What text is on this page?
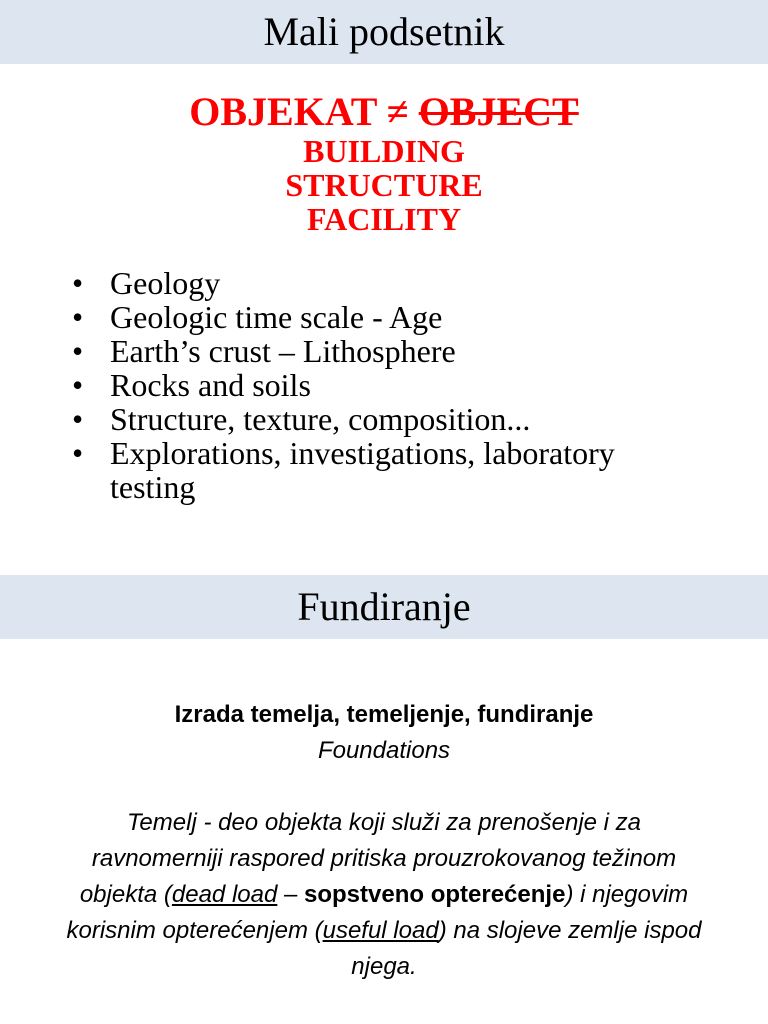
Mali podsetnik
OBJEKAT ≠ OBJECT
BUILDING
STRUCTURE
FACILITY
• Geology
• Geologic time scale - Age
• Earth’s crust – Lithosphere
• Rocks and soils
• Structure, texture, composition...
• Explorations, investigations, laboratory testing
Fundiranje
Izrada temelja, temeljenje, fundiranje
Foundations
Temelj - deo objekta koji služi za prenošenje i za ravnomerniji raspored pritiska prouzrokovanog težinom objekta (dead load – sopstveno opterećenje) i njegovim korisnim opterećenjem (useful load) na slojeve zemlje ispod njega.
